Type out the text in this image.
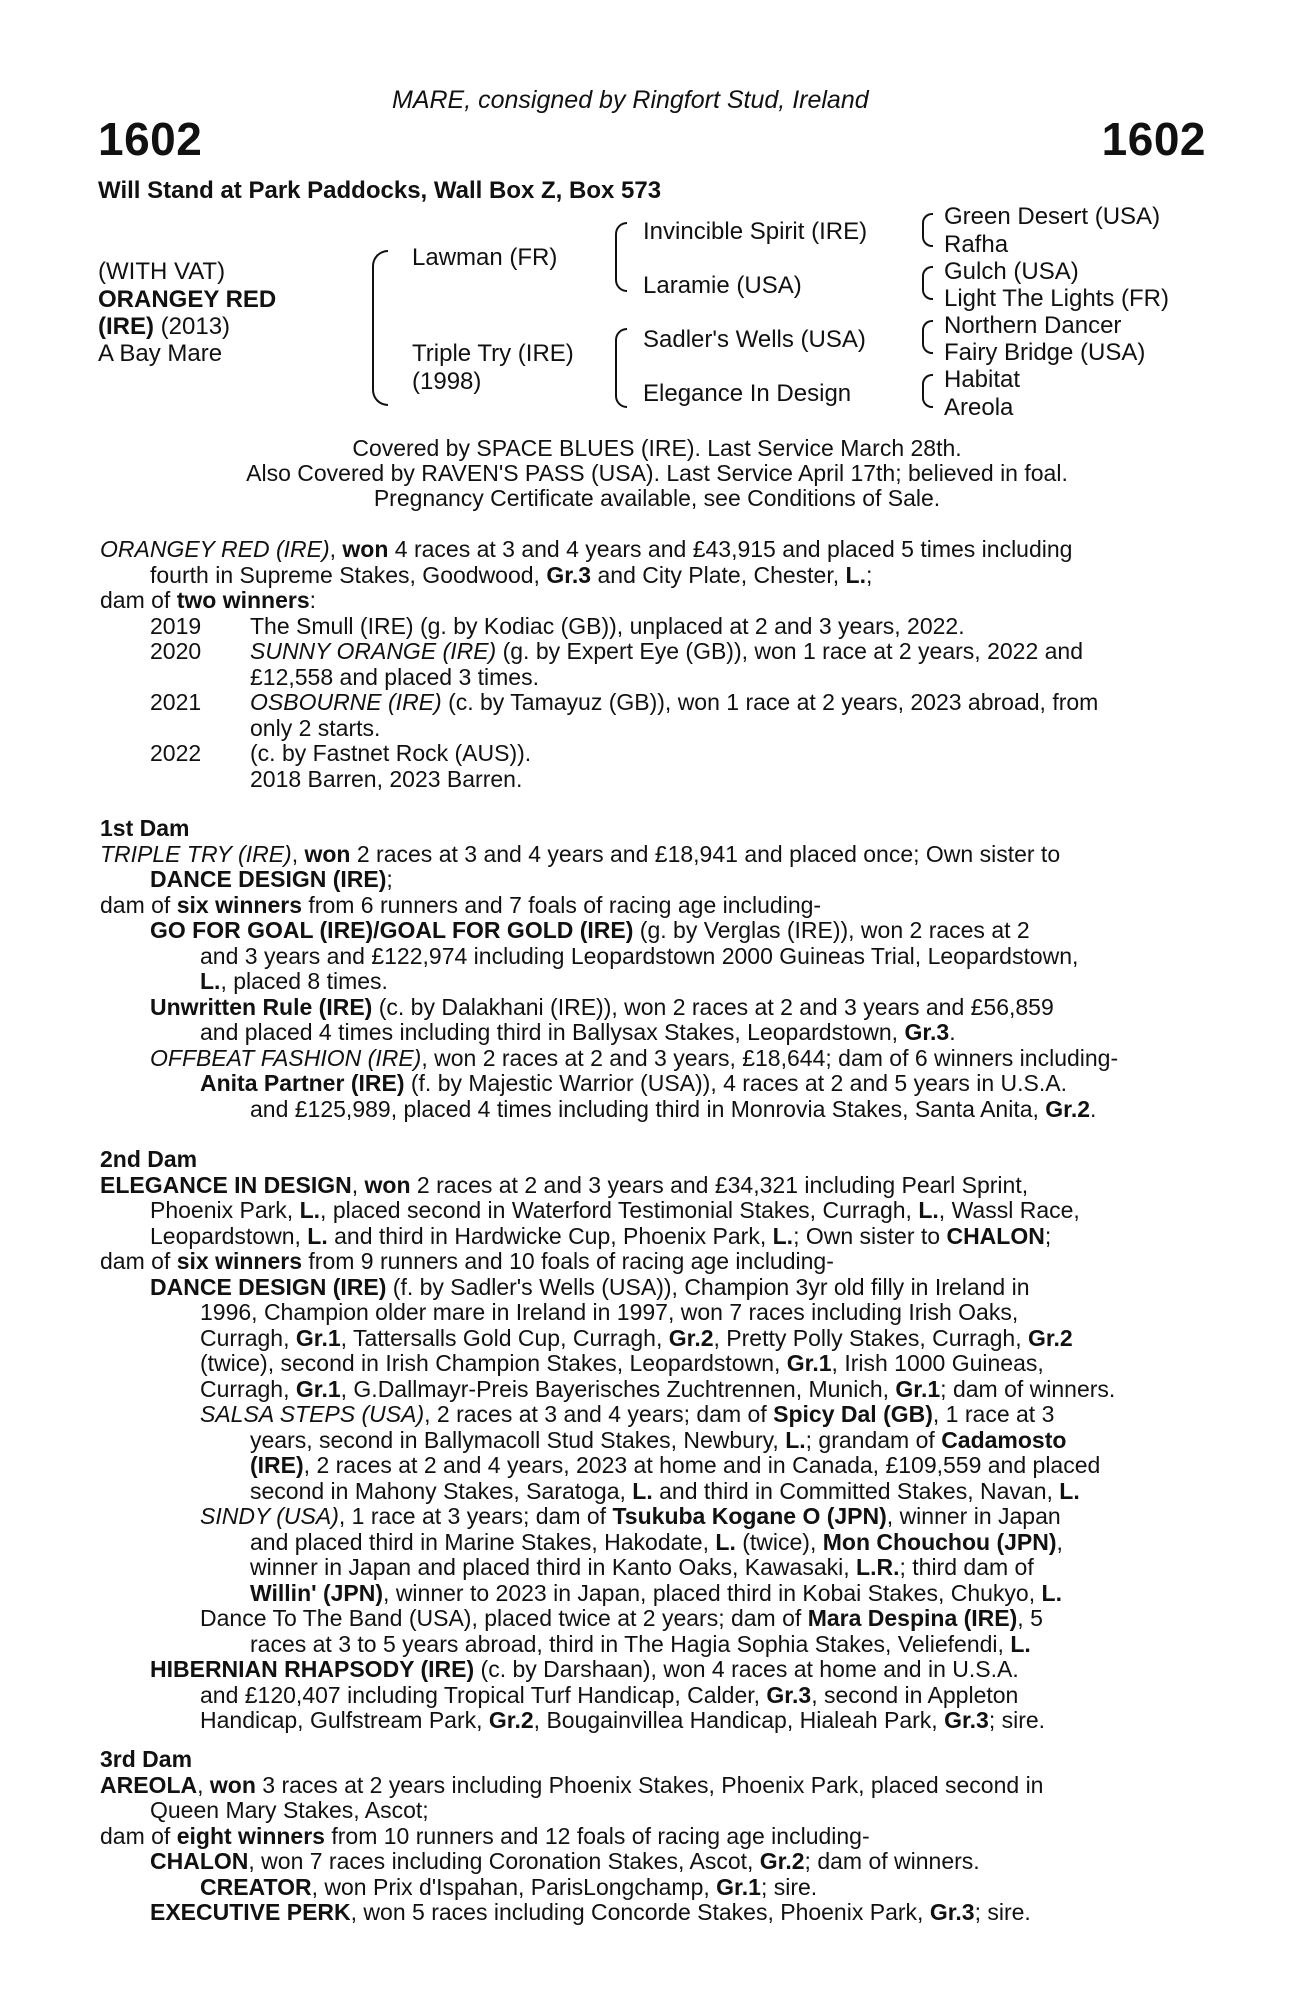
MARE, consigned by Ringfort Stud, Ireland
1602	1602
Will Stand at Park Paddocks, Wall Box Z, Box 573
(WITH VAT)
ORANGEY RED
(IRE) (2013)
A Bay Mare
Lawman (FR)
Triple Try (IRE)
(1998)
Invincible Spirit (IRE)
Laramie (USA)
Sadler's Wells (USA)
Elegance In Design
Green Desert (USA)
Rafha
Gulch (USA)
Light The Lights (FR)
Northern Dancer
Fairy Bridge (USA)
Habitat
Areola
Covered by SPACE BLUES (IRE). Last Service March 28th.
Also Covered by RAVEN'S PASS (USA). Last Service April 17th; believed in foal.
Pregnancy Certificate available, see Conditions of Sale.
ORANGEY RED (IRE), won 4 races at 3 and 4 years and £43,915 and placed 5 times including
fourth in Supreme Stakes, Goodwood, Gr.3 and City Plate, Chester, L.;
dam of two winners:
2019 The Smull (IRE) (g. by Kodiac (GB)), unplaced at 2 and 3 years, 2022.
2020 SUNNY ORANGE (IRE) (g. by Expert Eye (GB)), won 1 race at 2 years, 2022 and
£12,558 and placed 3 times.
2021 OSBOURNE (IRE) (c. by Tamayuz (GB)), won 1 race at 2 years, 2023 abroad, from
only 2 starts.
2022 (c. by Fastnet Rock (AUS)).
2018 Barren, 2023 Barren.
1st Dam
TRIPLE TRY (IRE), won 2 races at 3 and 4 years and £18,941 and placed once; Own sister to
DANCE DESIGN (IRE);
dam of six winners from 6 runners and 7 foals of racing age including-
GO FOR GOAL (IRE)/GOAL FOR GOLD (IRE) (g. by Verglas (IRE)), won 2 races at 2
and 3 years and £122,974 including Leopardstown 2000 Guineas Trial, Leopardstown,
L., placed 8 times.
Unwritten Rule (IRE) (c. by Dalakhani (IRE)), won 2 races at 2 and 3 years and £56,859
and placed 4 times including third in Ballysax Stakes, Leopardstown, Gr.3.
OFFBEAT FASHION (IRE), won 2 races at 2 and 3 years, £18,644; dam of 6 winners including-
Anita Partner (IRE) (f. by Majestic Warrior (USA)), 4 races at 2 and 5 years in U.S.A.
and £125,989, placed 4 times including third in Monrovia Stakes, Santa Anita, Gr.2.
2nd Dam
ELEGANCE IN DESIGN, won 2 races at 2 and 3 years and £34,321 including Pearl Sprint,
Phoenix Park, L., placed second in Waterford Testimonial Stakes, Curragh, L., Wassl Race,
Leopardstown, L. and third in Hardwicke Cup, Phoenix Park, L.; Own sister to CHALON;
dam of six winners from 9 runners and 10 foals of racing age including-
DANCE DESIGN (IRE) (f. by Sadler's Wells (USA)), Champion 3yr old filly in Ireland in
1996, Champion older mare in Ireland in 1997, won 7 races including Irish Oaks,
Curragh, Gr.1, Tattersalls Gold Cup, Curragh, Gr.2, Pretty Polly Stakes, Curragh, Gr.2
(twice), second in Irish Champion Stakes, Leopardstown, Gr.1, Irish 1000 Guineas,
Curragh, Gr.1, G.Dallmayr-Preis Bayerisches Zuchtrennen, Munich, Gr.1; dam of winners.
SALSA STEPS (USA), 2 races at 3 and 4 years; dam of Spicy Dal (GB), 1 race at 3
years, second in Ballymacoll Stud Stakes, Newbury, L.; grandam of Cadamosto
(IRE), 2 races at 2 and 4 years, 2023 at home and in Canada, £109,559 and placed
second in Mahony Stakes, Saratoga, L. and third in Committed Stakes, Navan, L.
SINDY (USA), 1 race at 3 years; dam of Tsukuba Kogane O (JPN), winner in Japan
and placed third in Marine Stakes, Hakodate, L. (twice), Mon Chouchou (JPN),
winner in Japan and placed third in Kanto Oaks, Kawasaki, L.R.; third dam of
Willin' (JPN), winner to 2023 in Japan, placed third in Kobai Stakes, Chukyo, L.
Dance To The Band (USA), placed twice at 2 years; dam of Mara Despina (IRE), 5
races at 3 to 5 years abroad, third in The Hagia Sophia Stakes, Veliefendi, L.
HIBERNIAN RHAPSODY (IRE) (c. by Darshaan), won 4 races at home and in U.S.A.
and £120,407 including Tropical Turf Handicap, Calder, Gr.3, second in Appleton
Handicap, Gulfstream Park, Gr.2, Bougainvillea Handicap, Hialeah Park, Gr.3; sire.
3rd Dam
AREOLA, won 3 races at 2 years including Phoenix Stakes, Phoenix Park, placed second in
Queen Mary Stakes, Ascot;
dam of eight winners from 10 runners and 12 foals of racing age including-
CHALON, won 7 races including Coronation Stakes, Ascot, Gr.2; dam of winners.
CREATOR, won Prix d'Ispahan, ParisLongchamp, Gr.1; sire.
EXECUTIVE PERK, won 5 races including Concorde Stakes, Phoenix Park, Gr.3; sire.
